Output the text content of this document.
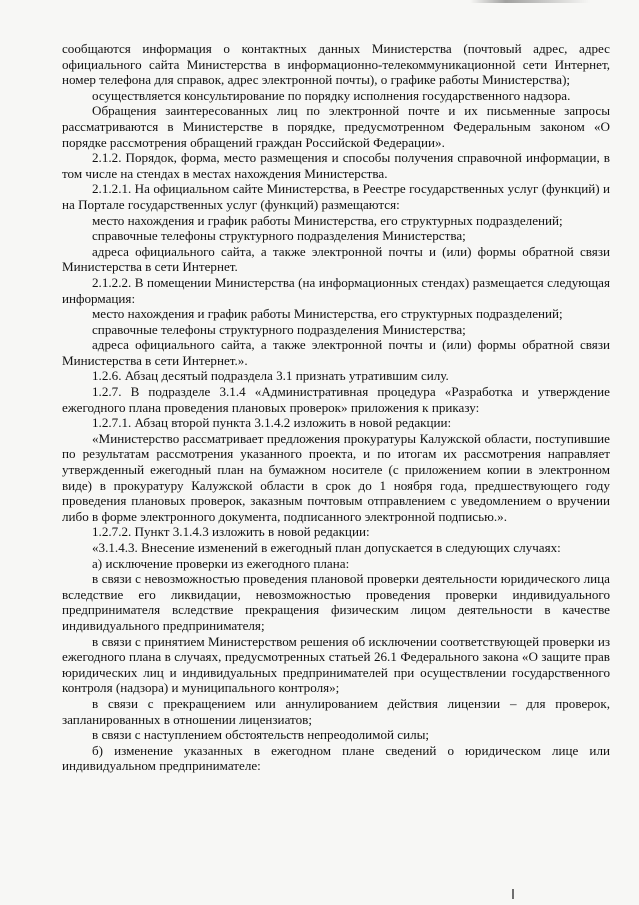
сообщаются информация о контактных данных Министерства (почтовый адрес, адрес официального сайта Министерства в информационно-телекоммуникационной сети Интернет, номер телефона для справок, адрес электронной почты), о графике работы Министерства);

осуществляется консультирование по порядку исполнения государственного надзора.

Обращения заинтересованных лиц по электронной почте и их письменные запросы рассматриваются в Министерстве в порядке, предусмотренном Федеральным законом «О порядке рассмотрения обращений граждан Российской Федерации».

2.1.2. Порядок, форма, место размещения и способы получения справочной информации, в том числе на стендах в местах нахождения Министерства.

2.1.2.1. На официальном сайте Министерства, в Реестре государственных услуг (функций) и на Портале государственных услуг (функций) размещаются:

место нахождения и график работы Министерства, его структурных подразделений;

справочные телефоны структурного подразделения Министерства;

адреса официального сайта, а также электронной почты и (или) формы обратной связи Министерства в сети Интернет.

2.1.2.2. В помещении Министерства (на информационных стендах) размещается следующая информация:

место нахождения и график работы Министерства, его структурных подразделений;

справочные телефоны структурного подразделения Министерства;

адреса официального сайта, а также электронной почты и (или) формы обратной связи Министерства в сети Интернет.».

1.2.6. Абзац десятый подраздела 3.1 признать утратившим силу.

1.2.7. В подразделе 3.1.4 «Административная процедура «Разработка и утверждение ежегодного плана проведения плановых проверок» приложения к приказу:

1.2.7.1. Абзац второй пункта 3.1.4.2 изложить в новой редакции:

«Министерство рассматривает предложения прокуратуры Калужской области, поступившие по результатам рассмотрения указанного проекта, и по итогам их рассмотрения направляет утвержденный ежегодный план на бумажном носителе (с приложением копии в электронном виде) в прокуратуру Калужской области в срок до 1 ноября года, предшествующего году проведения плановых проверок, заказным почтовым отправлением с уведомлением о вручении либо в форме электронного документа, подписанного электронной подписью.».

1.2.7.2. Пункт 3.1.4.3 изложить в новой редакции:

«3.1.4.3. Внесение изменений в ежегодный план допускается в следующих случаях:

а) исключение проверки из ежегодного плана:

в связи с невозможностью проведения плановой проверки деятельности юридического лица вследствие его ликвидации, невозможностью проведения проверки индивидуального предпринимателя вследствие прекращения физическим лицом деятельности в качестве индивидуального предпринимателя;

в связи с принятием Министерством решения об исключении соответствующей проверки из ежегодного плана в случаях, предусмотренных статьей 26.1 Федерального закона «О защите прав юридических лиц и индивидуальных предпринимателей при осуществлении государственного контроля (надзора) и муниципального контроля»;

в связи с прекращением или аннулированием действия лицензии – для проверок, запланированных в отношении лицензиатов;

в связи с наступлением обстоятельств непреодолимой силы;

б) изменение указанных в ежегодном плане сведений о юридическом лице или индивидуальном предпринимателе:
